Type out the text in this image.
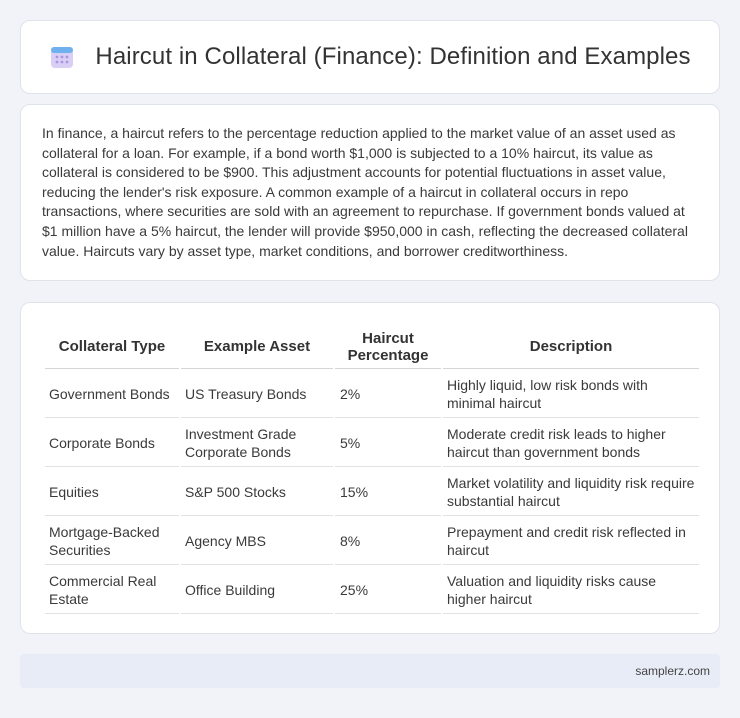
Haircut in Collateral (Finance): Definition and Examples

In finance, a haircut refers to the percentage reduction applied to the market value of an asset used as collateral for a loan. For example, if a bond worth $1,000 is subjected to a 10% haircut, its value as collateral is considered to be $900. This adjustment accounts for potential fluctuations in asset value, reducing the lender's risk exposure. A common example of a haircut in collateral occurs in repo transactions, where securities are sold with an agreement to repurchase. If government bonds valued at $1 million have a 5% haircut, the lender will provide $950,000 in cash, reflecting the decreased collateral value. Haircuts vary by asset type, market conditions, and borrower creditworthiness.

Collateral Type	Example Asset	Haircut Percentage	Description
Government Bonds	US Treasury Bonds	2%	Highly liquid, low risk bonds with minimal haircut
Corporate Bonds	Investment Grade Corporate Bonds	5%	Moderate credit risk leads to higher haircut than government bonds
Equities	S&P 500 Stocks	15%	Market volatility and liquidity risk require substantial haircut
Mortgage-Backed Securities	Agency MBS	8%	Prepayment and credit risk reflected in haircut
Commercial Real Estate	Office Building	25%	Valuation and liquidity risks cause higher haircut
samplerz.com
